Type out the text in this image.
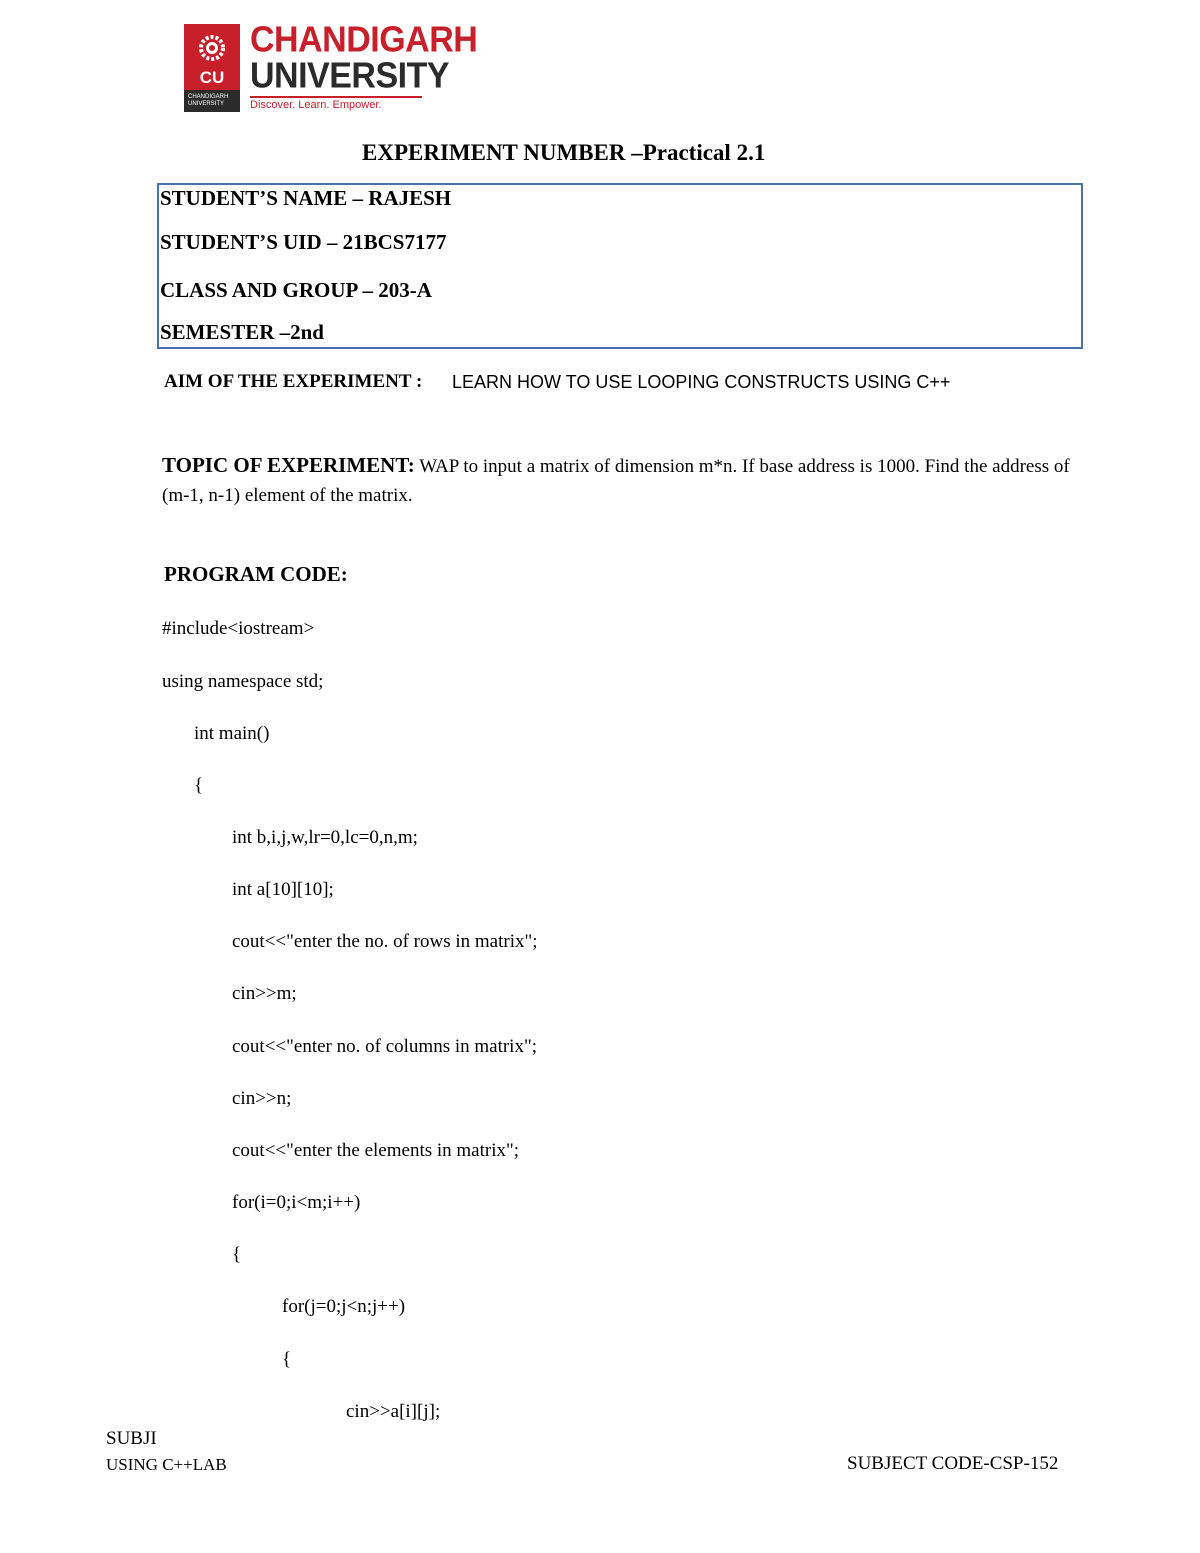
CU
CHANDIGARH UNIVERSITY
CHANDIGARH
UNIVERSITY
Discover. Learn. Empower.
EXPERIMENT NUMBER –Practical 2.1
STUDENT’S NAME – RAJESH
STUDENT’S UID – 21BCS7177
CLASS AND GROUP – 203-A
SEMESTER –2nd
AIM OF THE EXPERIMENT : LEARN HOW TO USE LOOPING CONSTRUCTS USING C++
TOPIC OF EXPERIMENT: WAP to input a matrix of dimension m*n. If base address is 1000. Find the address of (m-1, n-1) element of the matrix.
PROGRAM CODE:
#include<iostream>
using namespace std;
int main()
{
int b,i,j,w,lr=0,lc=0,n,m;
int a[10][10];
cout<<"enter the no. of rows in matrix";
cin>>m;
cout<<"enter no. of columns in matrix";
cin>>n;
cout<<"enter the elements in matrix";
for(i=0;i<m;i++)
{
for(j=0;j<n;j++)
{
cin>>a[i][j];
SUBJI
USING C++LAB	SUBJECT CODE-CSP-152
